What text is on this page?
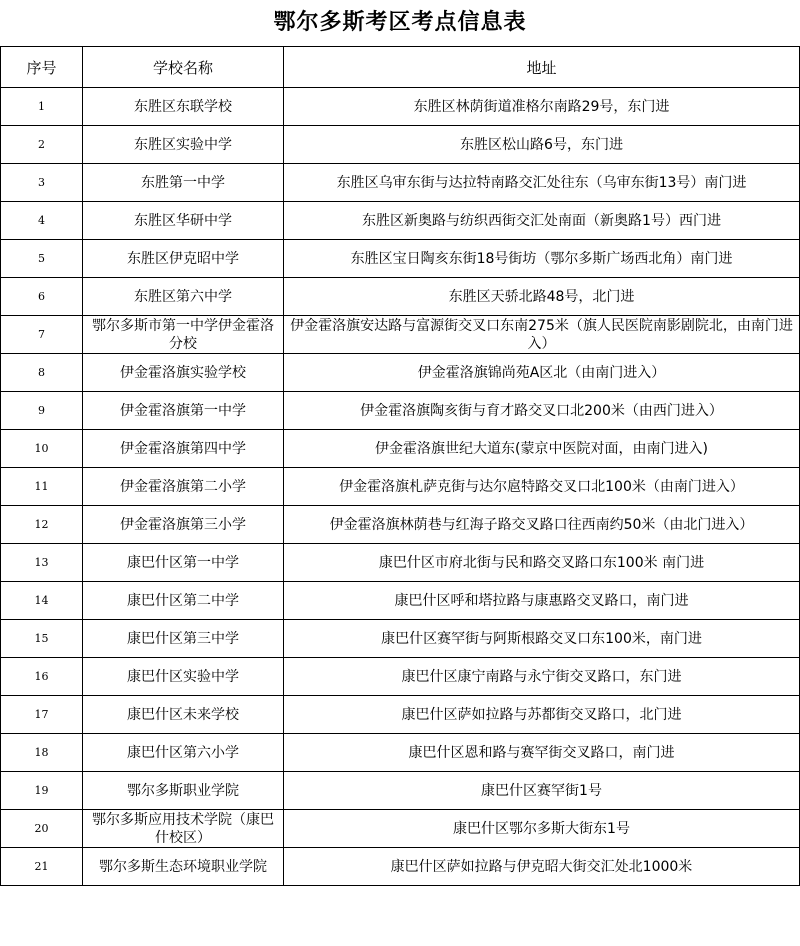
鄂尔多斯考区考点信息表
序号	学校名称	地址
1	东胜区东联学校	东胜区林荫街道准格尔南路29号，东门进
2	东胜区实验中学	东胜区松山路6号，东门进
3	东胜第一中学	东胜区乌审东街与达拉特南路交汇处往东（乌审东街13号）南门进
4	东胜区华研中学	东胜区新奥路与纺织西街交汇处南面（新奥路1号）西门进
5	东胜区伊克昭中学	东胜区宝日陶亥东街18号街坊（鄂尔多斯广场西北角）南门进
6	东胜区第六中学	东胜区天骄北路48号，北门进
7	鄂尔多斯市第一中学伊金霍洛分校	伊金霍洛旗安达路与富源街交叉口东南275米（旗人民医院南影剧院北，由南门进入）
8	伊金霍洛旗实验学校	伊金霍洛旗锦尚苑A区北（由南门进入）
9	伊金霍洛旗第一中学	伊金霍洛旗陶亥街与育才路交叉口北200米（由西门进入）
10	伊金霍洛旗第四中学	伊金霍洛旗世纪大道东(蒙京中医院对面，由南门进入)
11	伊金霍洛旗第二小学	伊金霍洛旗札萨克街与达尔扈特路交叉口北100米（由南门进入）
12	伊金霍洛旗第三小学	伊金霍洛旗林荫巷与红海子路交叉路口往西南约50米（由北门进入）
13	康巴什区第一中学	康巴什区市府北街与民和路交叉路口东100米 南门进
14	康巴什区第二中学	康巴什区呼和塔拉路与康惠路交叉路口，南门进
15	康巴什区第三中学	康巴什区赛罕街与阿斯根路交叉口东100米，南门进
16	康巴什区实验中学	康巴什区康宁南路与永宁街交叉路口，东门进
17	康巴什区未来学校	康巴什区萨如拉路与苏都街交叉路口，北门进
18	康巴什区第六小学	康巴什区恩和路与赛罕街交叉路口，南门进
19	鄂尔多斯职业学院	康巴什区赛罕街1号
20	鄂尔多斯应用技术学院（康巴什校区）	康巴什区鄂尔多斯大街东1号
21	鄂尔多斯生态环境职业学院	康巴什区萨如拉路与伊克昭大街交汇处北1000米
